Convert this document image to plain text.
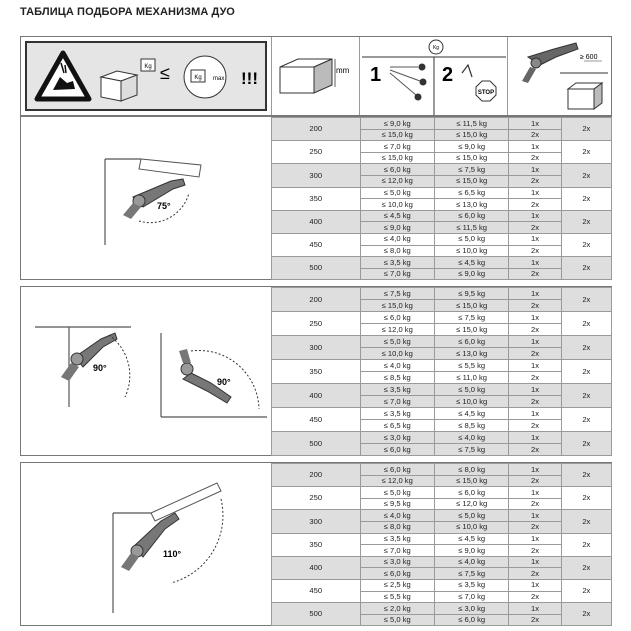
ТАБЛИЦА ПОДБОРА МЕХАНИЗМА ДУО
Kg ≤	Kg max !!!	mm
Kg
1	2
STOP
≥ 600
75°
200	≤ 9,0 kg	≤ 11,5 kg	1x	2x
	≤ 15,0 kg	≤ 15,0 kg	2x	
250	≤ 7,0 kg	≤ 9,0 kg	1x	2x
	≤ 15,0 kg	≤ 15,0 kg	2x	
300	≤ 6,0 kg	≤ 7,5 kg	1x	2x
	≤ 12,0 kg	≤ 15,0 kg	2x	
350	≤ 5,0 kg	≤ 6,5 kg	1x	2x
	≤ 10,0 kg	≤ 13,0 kg	2x	
400	≤ 4,5 kg	≤ 6,0 kg	1x	2x
	≤ 9,0 kg	≤ 11,5 kg	2x	
450	≤ 4,0 kg	≤ 5,0 kg	1x	2x
	≤ 8,0 kg	≤ 10,0 kg	2x	
500	≤ 3,5 kg	≤ 4,5 kg	1x	2x
	≤ 7,0 kg	≤ 9,0 kg	2x	
90°
90°
200	≤ 7,5 kg	≤ 9,5 kg	1x	2x
	≤ 15,0 kg	≤ 15,0 kg	2x	
250	≤ 6,0 kg	≤ 7,5 kg	1x	2x
	≤ 12,0 kg	≤ 15,0 kg	2x	
300	≤ 5,0 kg	≤ 6,0 kg	1x	2x
	≤ 10,0 kg	≤ 13,0 kg	2x	
350	≤ 4,0 kg	≤ 5,5 kg	1x	2x
	≤ 8,5 kg	≤ 11,0 kg	2x	
400	≤ 3,5 kg	≤ 5,0 kg	1x	2x
	≤ 7,0 kg	≤ 10,0 kg	2x	
450	≤ 3,5 kg	≤ 4,5 kg	1x	2x
	≤ 6,5 kg	≤ 8,5 kg	2x	
500	≤ 3,0 kg	≤ 4,0 kg	1x	2x
	≤ 6,0 kg	≤ 7,5 kg	2x	
110°
200	≤ 6,0 kg	≤ 8,0 kg	1x	2x
	≤ 12,0 kg	≤ 15,0 kg	2x	
250	≤ 5,0 kg	≤ 6,0 kg	1x	2x
	≤ 9,5 kg	≤ 12,0 kg	2x	
300	≤ 4,0 kg	≤ 5,0 kg	1x	2x
	≤ 8,0 kg	≤ 10,0 kg	2x	
350	≤ 3,5 kg	≤ 4,5 kg	1x	2x
	≤ 7,0 kg	≤ 9,0 kg	2x	
400	≤ 3,0 kg	≤ 4,0 kg	1x	2x
	≤ 6,0 kg	≤ 7,5 kg	2x	
450	≤ 2,5 kg	≤ 3,5 kg	1x	2x
	≤ 5,5 kg	≤ 7,0 kg	2x	
500	≤ 2,0 kg	≤ 3,0 kg	1x	2x
	≤ 5,0 kg	≤ 6,0 kg	2x	
